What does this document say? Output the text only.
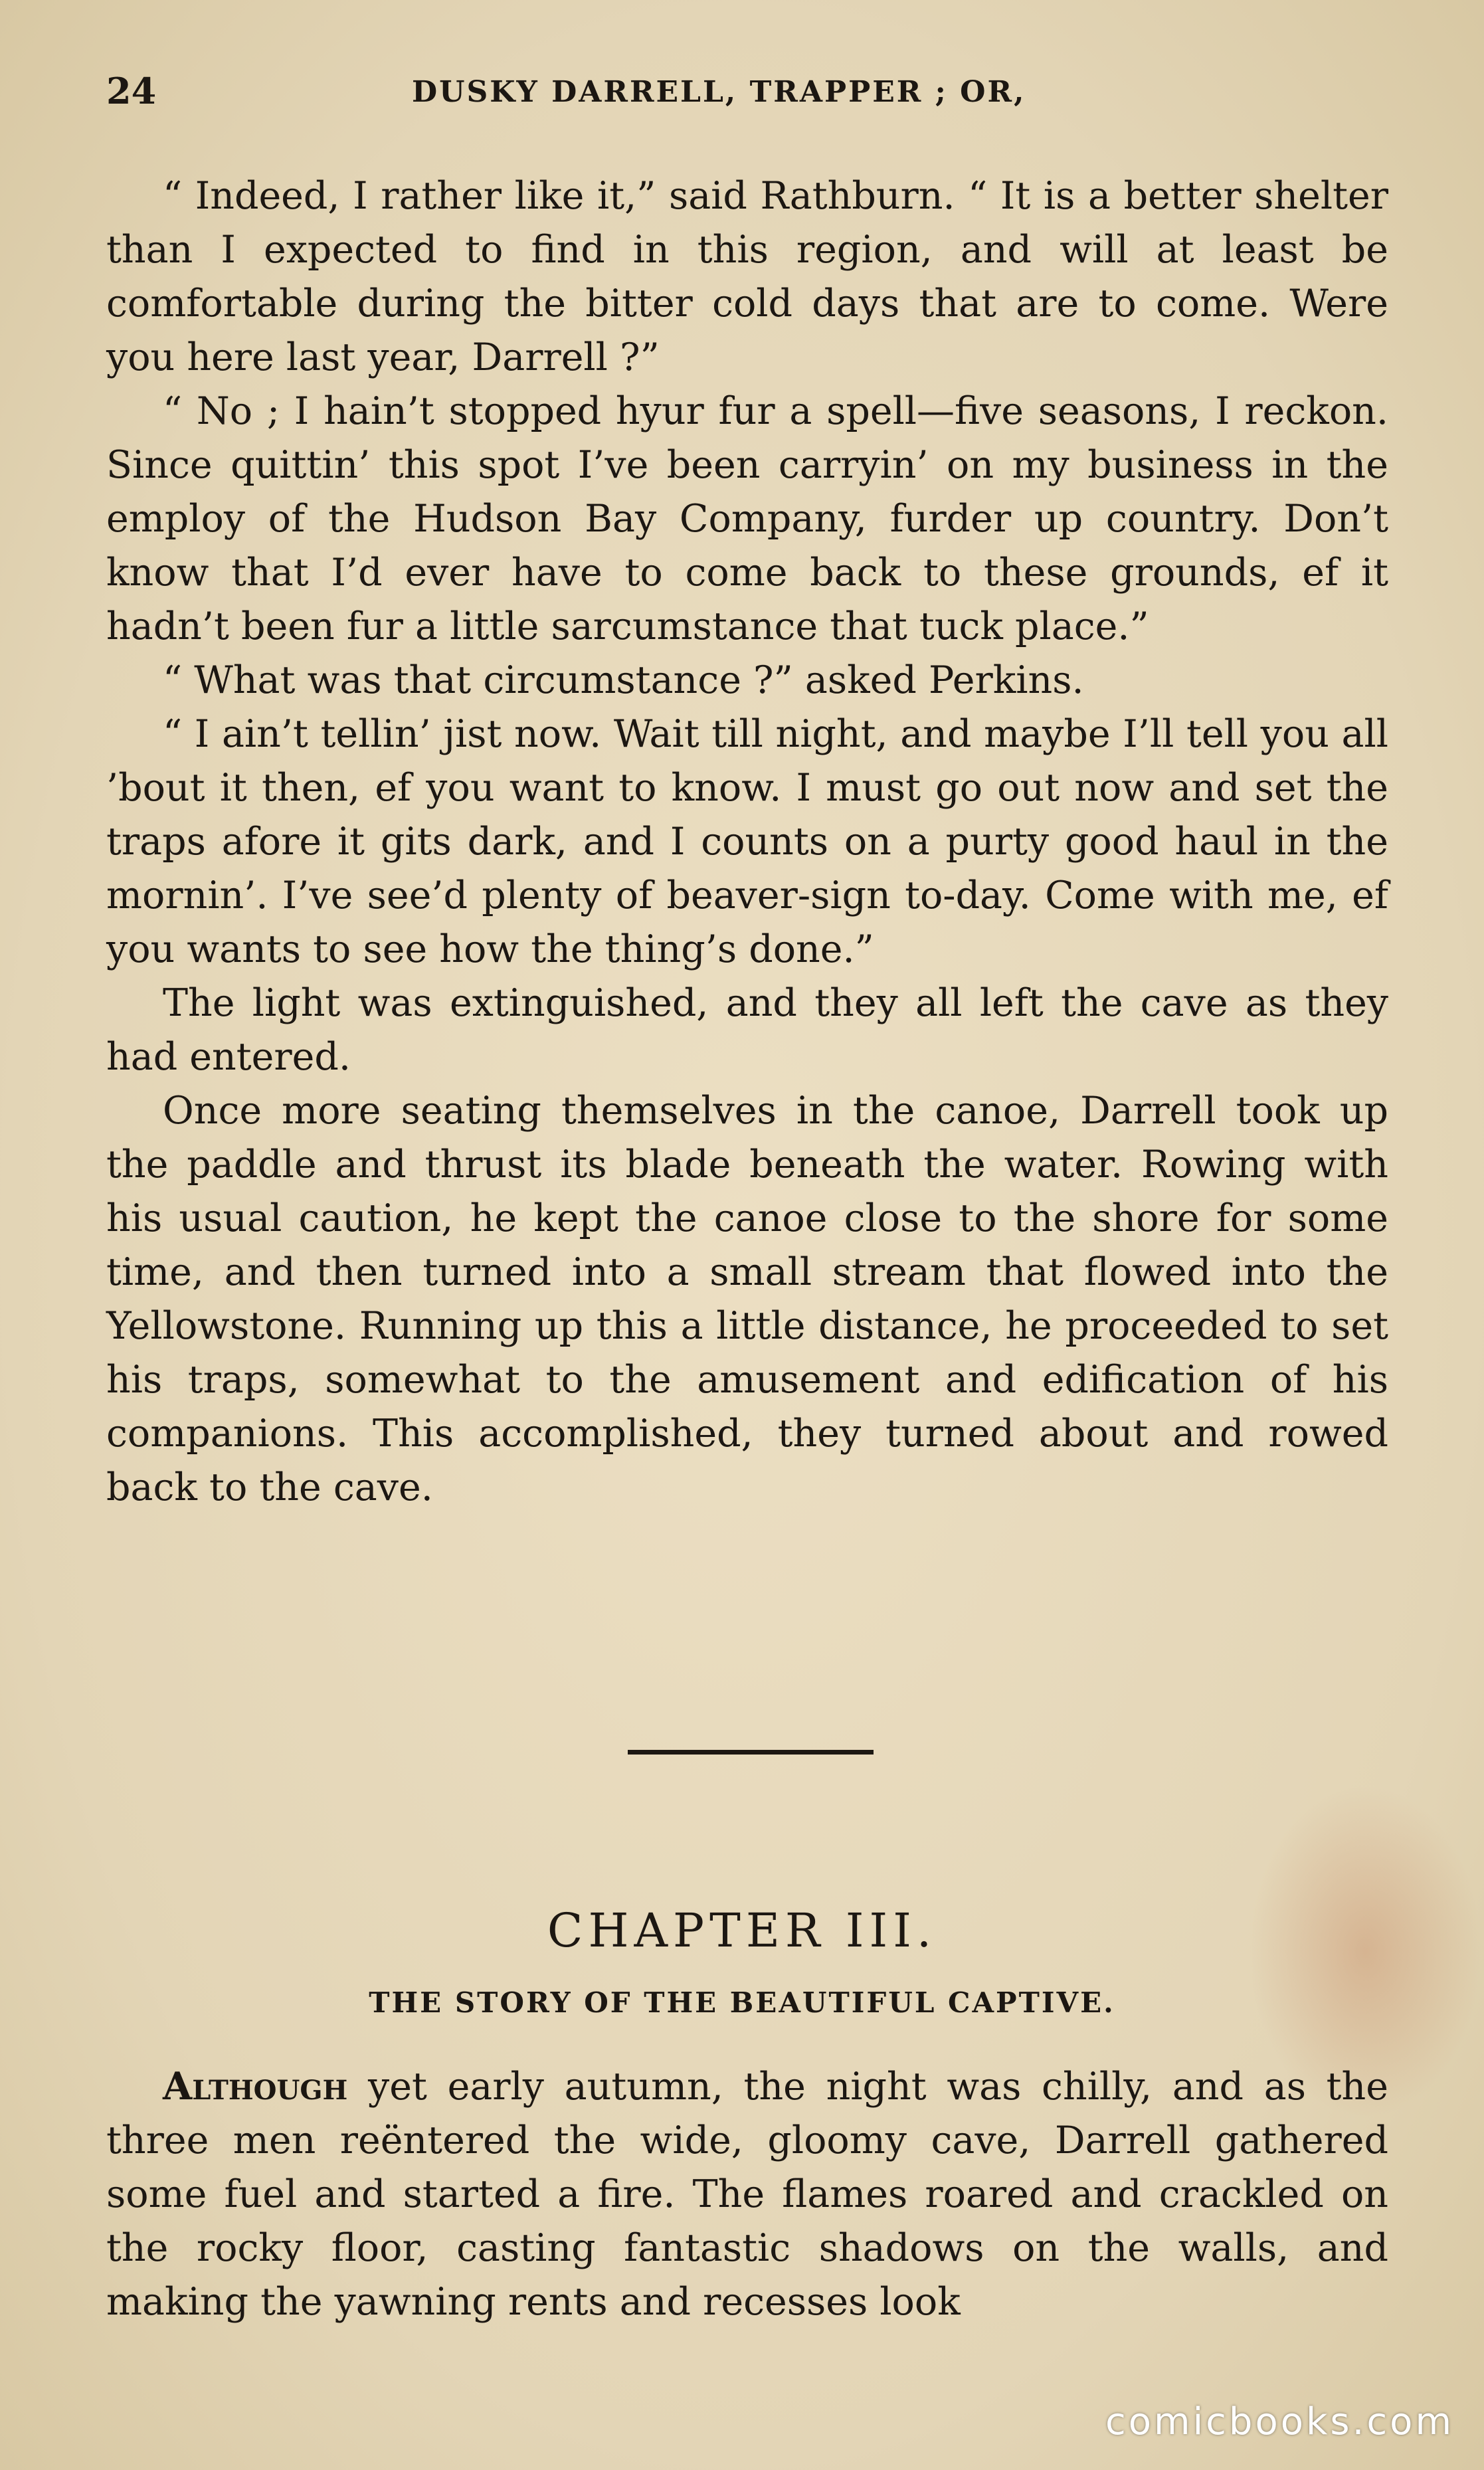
24	DUSKY DARRELL, TRAPPER ; OR,

“ Indeed, I rather like it,” said Rathburn. “ It is a better shelter than I expected to find in this region, and will at least be comfortable during the bitter cold days that are to come. Were you here last year, Darrell ?”

“ No ; I hain’t stopped hyur fur a spell—five seasons, I reckon. Since quittin’ this spot I’ve been carryin’ on my business in the employ of the Hudson Bay Company, furder up country. Don’t know that I’d ever have to come back to these grounds, ef it hadn’t been fur a little sarcumstance that tuck place.”

“ What was that circumstance ?” asked Perkins.

“ I ain’t tellin’ jist now. Wait till night, and maybe I’ll tell you all ’bout it then, ef you want to know. I must go out now and set the traps afore it gits dark, and I counts on a purty good haul in the mornin’. I’ve see’d plenty of beaver-sign to-day. Come with me, ef you wants to see how the thing’s done.”

The light was extinguished, and they all left the cave as they had entered.

Once more seating themselves in the canoe, Darrell took up the paddle and thrust its blade beneath the water. Rowing with his usual caution, he kept the canoe close to the shore for some time, and then turned into a small stream that flowed into the Yellowstone. Running up this a little distance, he proceeded to set his traps, somewhat to the amusement and edification of his companions. This accomplished, they turned about and rowed back to the cave.

CHAPTER III.
THE STORY OF THE BEAUTIFUL CAPTIVE.

Although yet early autumn, the night was chilly, and as the three men reëntered the wide, gloomy cave, Darrell gathered some fuel and started a fire. The flames roared and crackled on the rocky floor, casting fantastic shadows on the walls, and making the yawning rents and recesses look

comicbooks.com
